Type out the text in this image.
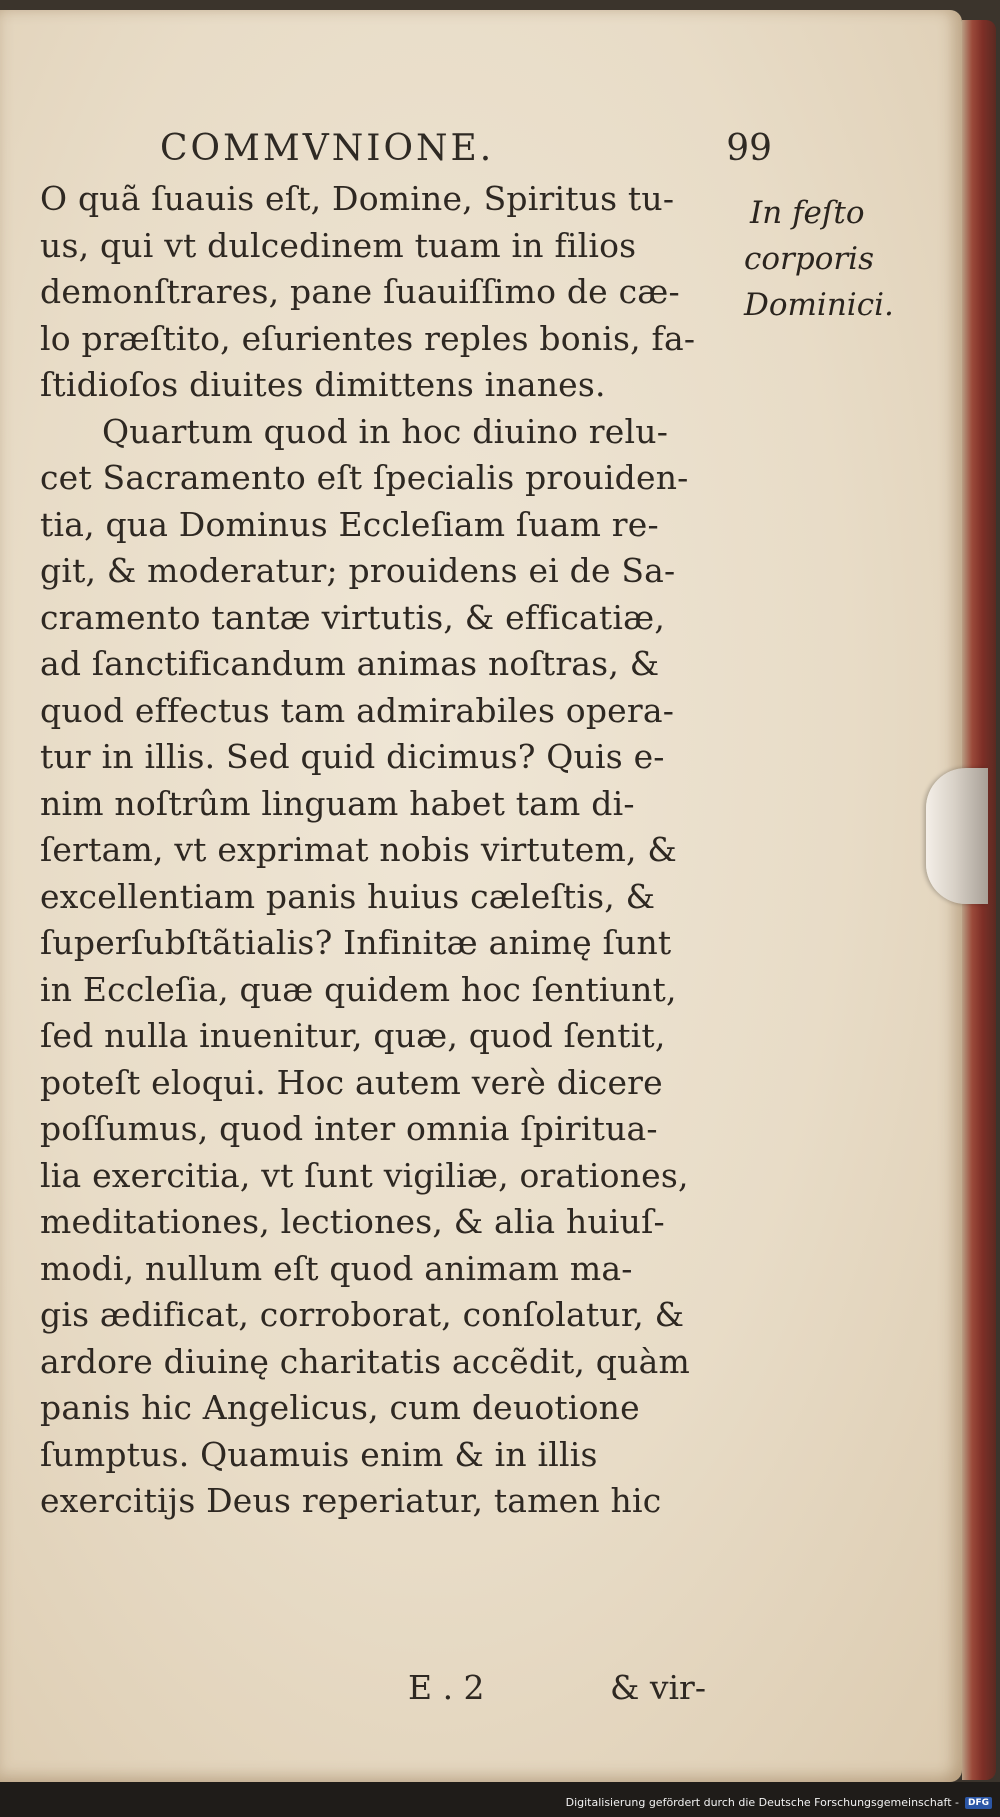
COMMVNIONE.	99
O quã ſuauis eſt, Domine, Spiritus tu-
us, qui vt dulcedinem tuam in filios
demonſtrares, pane ſuauiſſimo de cæ-
lo præſtito, eſurientes reples bonis, fa-
ſtidioſos diuites dimittens inanes.
Quartum quod in hoc diuino relu-
cet Sacramento eſt ſpecialis prouiden-
tia, qua Dominus Eccleſiam ſuam re-
git, & moderatur; prouidens ei de Sa-
cramento tantæ virtutis, & efficatiæ,
ad ſanctificandum animas noſtras, &
quod effectus tam admirabiles opera-
tur in illis. Sed quid dicimus? Quis e-
nim noſtrûm linguam habet tam di-
ſertam, vt exprimat nobis virtutem, &
excellentiam panis huius cæleſtis, &
ſuperſubſtãtialis? Infinitæ animę ſunt
in Eccleſia, quæ quidem hoc ſentiunt,
ſed nulla inuenitur, quæ, quod ſentit,
poteſt eloqui. Hoc autem verè dicere
poſſumus, quod inter omnia ſpiritua-
lia exercitia, vt ſunt vigiliæ, orationes,
meditationes, lectiones, & alia huiuſ-
modi, nullum eſt quod animam ma-
gis ædificat, corroborat, conſolatur, &
ardore diuinę charitatis accẽdit, quàm
panis hic Angelicus, cum deuotione
ſumptus. Quamuis enim & in illis
exercitijs Deus reperiatur, tamen hic
E . 2	& vir-
In feſto
corporis
Dominici.
Digitalisierung gefördert durch die Deutsche Forschungsgemeinschaft -	DFG
